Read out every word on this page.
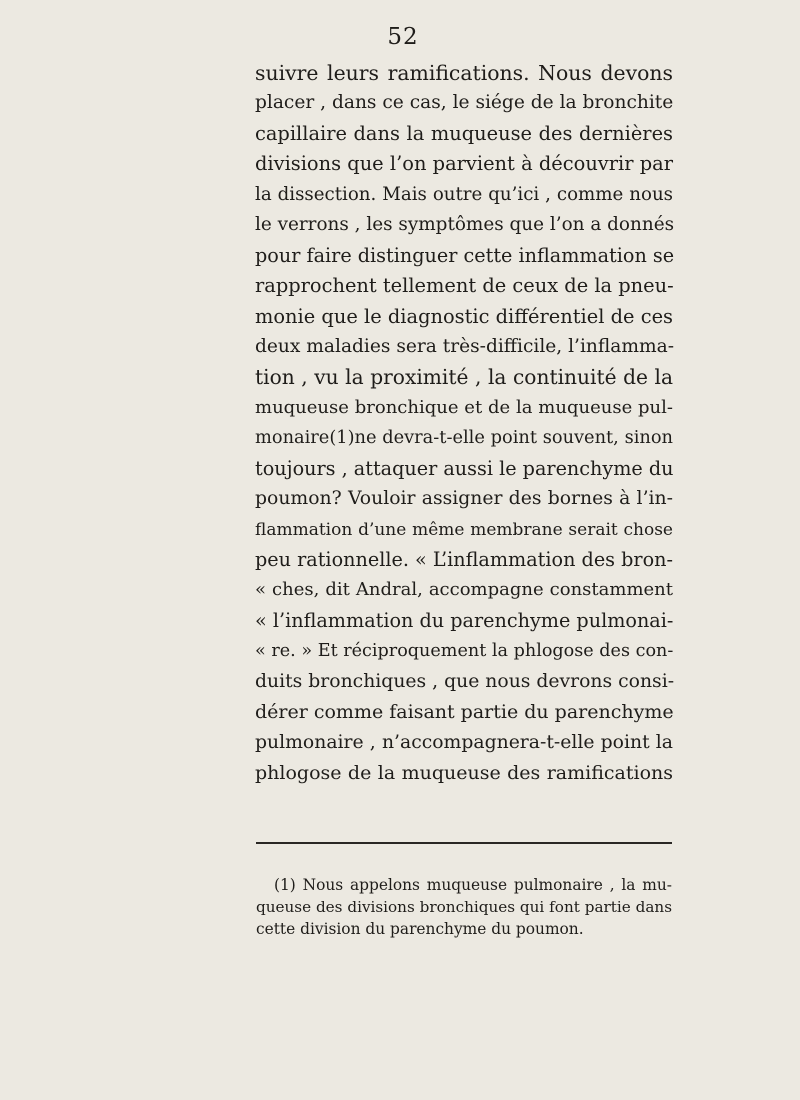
52
suivre leurs ramifications. Nous devons
placer , dans ce cas, le siége de la bronchite
capillaire dans la muqueuse des dernières
divisions que l’on parvient à découvrir par
la dissection. Mais outre qu’ici , comme nous
le verrons , les symptômes que l’on a donnés
pour faire distinguer cette inflammation se
rapprochent tellement de ceux de la pneu-
monie que le diagnostic différentiel de ces
deux maladies sera très-difficile, l’inflamma-
tion , vu la proximité , la continuité de la
muqueuse bronchique et de la muqueuse pul-
monaire(1)ne devra-t-elle point souvent, sinon
toujours , attaquer aussi le parenchyme du
poumon? Vouloir assigner des bornes à l’in-
flammation d’une même membrane serait chose
peu rationnelle. « L’inflammation des bron-
« ches, dit Andral, accompagne constamment
« l’inflammation du parenchyme pulmonai-
« re. » Et réciproquement la phlogose des con-
duits bronchiques , que nous devrons consi-
dérer comme faisant partie du parenchyme
pulmonaire , n’accompagnera-t-elle point la
phlogose de la muqueuse des ramifications
(1) Nous appelons muqueuse pulmonaire , la mu-
queuse des divisions bronchiques qui font partie dans
cette division du parenchyme du poumon.
